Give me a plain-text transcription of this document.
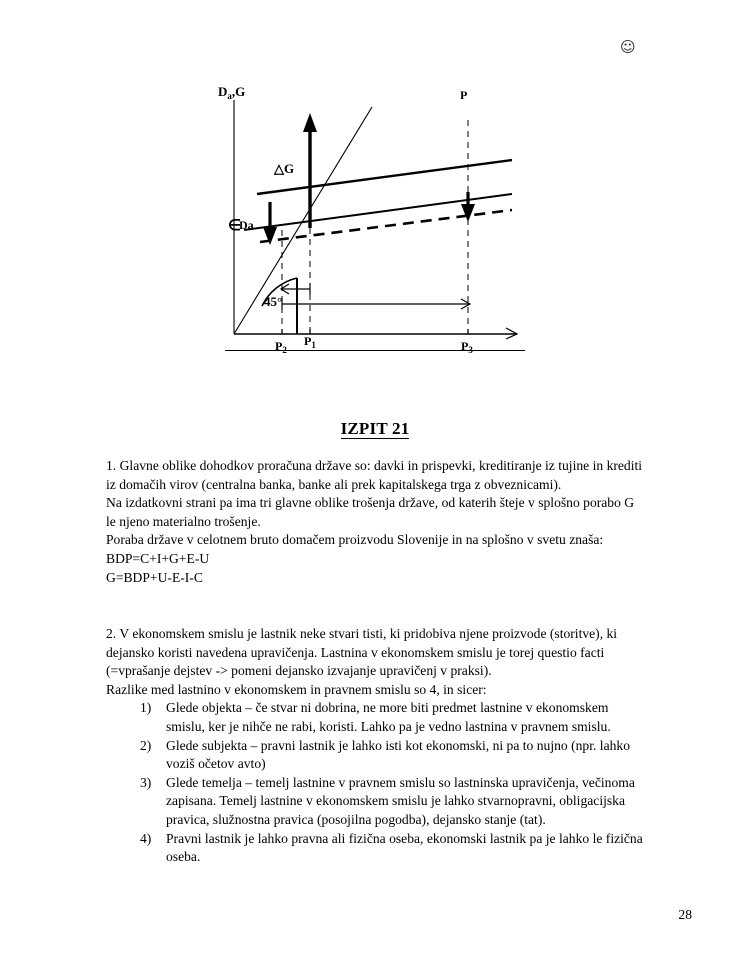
☺
$D_a,G$	P
△G
∈
Da
45°
$P_2$
$P_1$	$P_3$
IZPIT 21

1. Glavne oblike dohodkov proračuna države so: davki in prispevki, kreditiranje iz tujine in krediti iz domačih virov (centralna banka, banke ali prek kapitalskega trga z obveznicami).

Na izdatkovni strani pa ima tri glavne oblike trošenja države, od katerih šteje v splošno porabo G le njeno materialno trošenje.

Poraba države v celotnem bruto domačem proizvodu Slovenije in na splošno v svetu znaša:

BDP=C+I+G+E-U

G=BDP+U-E-I-C

2. V ekonomskem smislu je lastnik neke stvari tisti, ki pridobiva njene proizvode (storitve), ki dejansko koristi navedena upravičenja. Lastnina v ekonomskem smislu je torej questio facti (=vprašanje dejstev -> pomeni dejansko izvajanje upravičenj v praksi).

Razlike med lastnino v ekonomskem in pravnem smislu so 4, in sicer:

Glede objekta – če stvar ni dobrina, ne more biti predmet lastnine v ekonomskem smislu, ker je nihče ne rabi, koristi. Lahko pa je vedno lastnina v pravnem smislu.
Glede subjekta – pravni lastnik je lahko isti kot ekonomski, ni pa to nujno (npr. lahko voziš očetov avto)
Glede temelja – temelj lastnine v pravnem smislu so lastninska upravičenja, večinoma zapisana. Temelj lastnine v ekonomskem smislu je lahko stvarnopravni, obligacijska pravica, služnostna pravica (posojilna pogodba), dejansko stanje (tat).
Pravni lastnik je lahko pravna ali fizična oseba, ekonomski lastnik pa je lahko le fizična oseba.
28
